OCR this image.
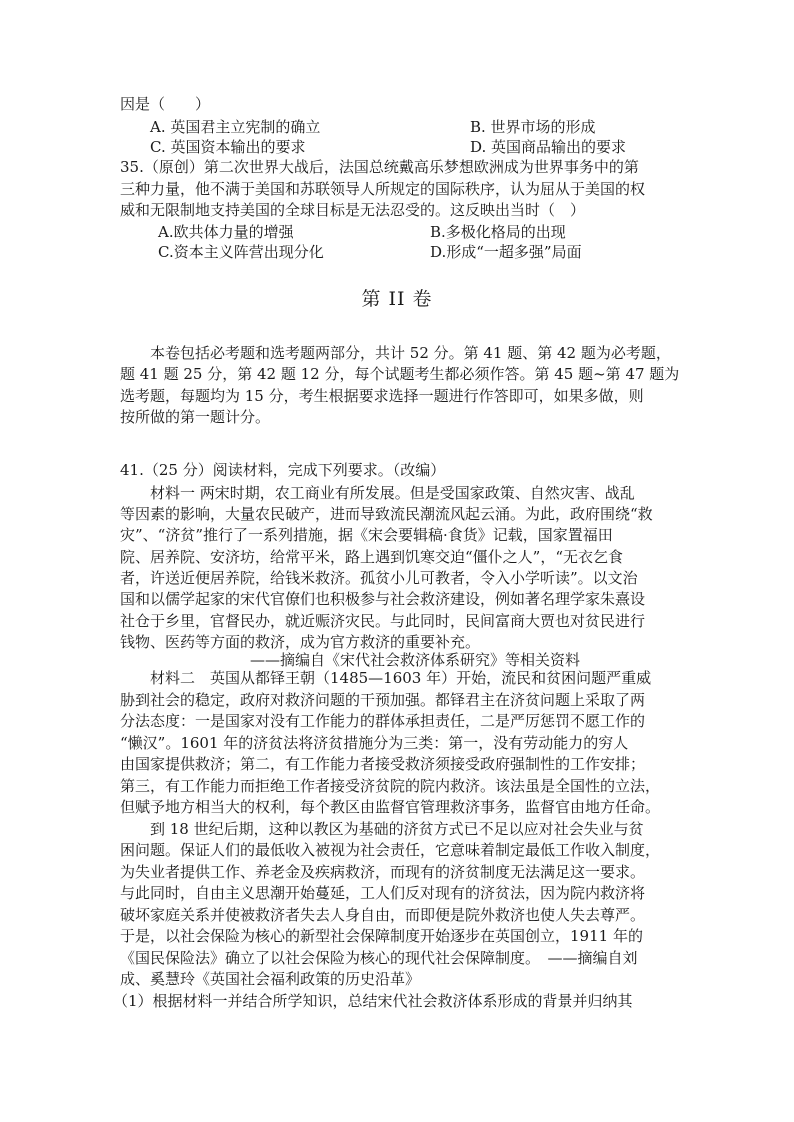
因是（　　）
A. 英国君主立宪制的确立	B. 世界市场的形成
C. 英国资本输出的要求	D. 英国商品输出的要求
35.（原创）第二次世界大战后，法国总统戴高乐梦想欧洲成为世界事务中的第
三种力量，他不满于美国和苏联领导人所规定的国际秩序，认为屈从于美国的权
威和无限制地支持美国的全球目标是无法忍受的。这反映出当时（　）
A.欧共体力量的增强	B.多极化格局的出现
C.资本主义阵营出现分化	D.形成“一超多强”局面
第 II 卷
　　本卷包括必考题和选考题两部分，共计 52 分。第 41 题、第 42 题为必考题，
题 41 题 25 分，第 42 题 12 分，每个试题考生都必须作答。第 45 题~第 47 题为
选考题，每题均为 15 分，考生根据要求选择一题进行作答即可，如果多做，则
按所做的第一题计分。
41.（25 分）阅读材料，完成下列要求。（改编）
　　材料一 两宋时期，农工商业有所发展。但是受国家政策、自然灾害、战乱
等因素的影响，大量农民破产，进而导致流民潮流风起云涌。为此，政府围绕“救
灾”、“济贫”推行了一系列措施，据《宋会要辑稿·食货》记载，国家置福田
院、居养院、安济坊，给常平米，路上遇到饥寒交迫“僵仆之人”，“无衣乞食
者，许送近便居养院，给钱米救济。孤贫小儿可教者，令入小学听读”。以文治
国和以儒学起家的宋代官僚们也积极参与社会救济建设，例如著名理学家朱熹设
社仓于乡里，官督民办，就近赈济灾民。与此同时，民间富商大贾也对贫民进行
钱物、医药等方面的救济，成为官方救济的重要补充。
——摘编自《宋代社会救济体系研究》等相关资料
　　材料二　英国从都铎王朝（1485—1603 年）开始，流民和贫困问题严重威
胁到社会的稳定，政府对救济问题的干预加强。都铎君主在济贫问题上采取了两
分法态度：一是国家对没有工作能力的群体承担责任，二是严厉惩罚不愿工作的
“懒汉”。1601 年的济贫法将济贫措施分为三类：第一，没有劳动能力的穷人
由国家提供救济；第二，有工作能力者接受救济须接受政府强制性的工作安排；
第三，有工作能力而拒绝工作者接受济贫院的院内救济。该法虽是全国性的立法，
但赋予地方相当大的权利，每个教区由监督官管理救济事务，监督官由地方任命。
　　到 18 世纪后期，这种以教区为基础的济贫方式已不足以应对社会失业与贫
困问题。保证人们的最低收入被视为社会责任，它意味着制定最低工作收入制度，
为失业者提供工作、养老金及疾病救济，而现有的济贫制度无法满足这一要求。
与此同时，自由主义思潮开始蔓延，工人们反对现有的济贫法，因为院内救济将
破坏家庭关系并使被救济者失去人身自由，而即便是院外救济也使人失去尊严。
于是，以社会保险为核心的新型社会保障制度开始逐步在英国创立，1911 年的
《国民保险法》确立了以社会保险为核心的现代社会保障制度。　——摘编自刘
成、奚慧玲《英国社会福利政策的历史沿革》
（1）根据材料一并结合所学知识，总结宋代社会救济体系形成的背景并归纳其
